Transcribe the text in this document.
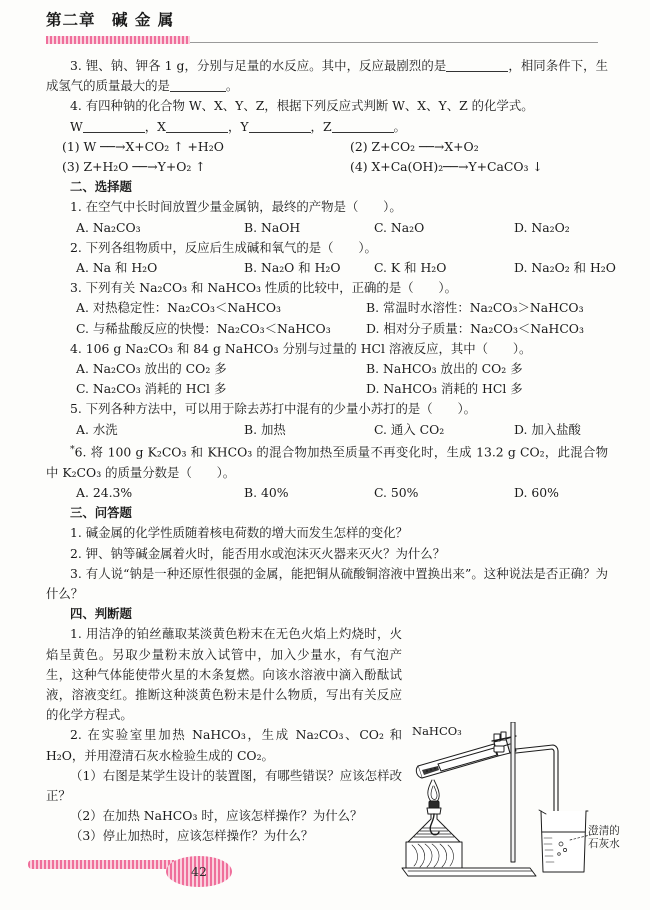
第二章　碱 金 属

3. 锂、钠、钾各 1 g，分别与足量的水反应。其中，反应最剧烈的是	，相同条件下，生成氢气的质量最大的是	。

4. 有四种钠的化合物 W、X、Y、Z，根据下列反应式判断 W、X、Y、Z 的化学式。

W	，X	，Y	，Z	。

(1) W ──→X+CO₂ ↑ +H₂O	(2) Z+CO₂ ──→X+O₂
(3) Z+H₂O ──→Y+O₂ ↑	(4) X+Ca(OH)₂──→Y+CaCO₃ ↓

二、选择题

1. 在空气中长时间放置少量金属钠，最终的产物是（　　）。

A. Na₂CO₃	B. NaOH	C. Na₂O	D. Na₂O₂

2. 下列各组物质中，反应后生成碱和氧气的是（　　）。

A. Na 和 H₂O	B. Na₂O 和 H₂O	C. K 和 H₂O	D. Na₂O₂ 和 H₂O

3. 下列有关 Na₂CO₃ 和 NaHCO₃ 性质的比较中，正确的是（　　）。

A. 对热稳定性：Na₂CO₃＜NaHCO₃	B. 常温时水溶性：Na₂CO₃＞NaHCO₃
C. 与稀盐酸反应的快慢：Na₂CO₃＜NaHCO₃	D. 相对分子质量：Na₂CO₃＜NaHCO₃

4. 106 g Na₂CO₃ 和 84 g NaHCO₃ 分别与过量的 HCl 溶液反应，其中（　　）。

A. Na₂CO₃ 放出的 CO₂ 多	B. NaHCO₃ 放出的 CO₂ 多
C. Na₂CO₃ 消耗的 HCl 多	D. NaHCO₃ 消耗的 HCl 多

5. 下列各种方法中，可以用于除去苏打中混有的少量小苏打的是（　　）。

A. 水洗	B. 加热	C. 通入 CO₂	D. 加入盐酸

*6. 将 100 g K₂CO₃ 和 KHCO₃ 的混合物加热至质量不再变化时，生成 13.2 g CO₂，此混合物中 K₂CO₃ 的质量分数是（　　）。

A. 24.3%	B. 40%	C. 50%	D. 60%

三、问答题

1. 碱金属的化学性质随着核电荷数的增大而发生怎样的变化？

2. 钾、钠等碱金属着火时，能否用水或泡沫灭火器来灭火？为什么？

3. 有人说“钠是一种还原性很强的金属，能把铜从硫酸铜溶液中置换出来”。这种说法是否正确？为什么？

四、判断题

1. 用洁净的铂丝蘸取某淡黄色粉末在无色火焰上灼烧时，火焰呈黄色。另取少量粉末放入试管中，加入少量水，有气泡产生，这种气体能使带火星的木条复燃。向该水溶液中滴入酚酞试液，溶液变红。推断这种淡黄色粉末是什么物质，写出有关反应的化学方程式。

2. 在实验室里加热 NaHCO₃，生成 Na₂CO₃、CO₂ 和 H₂O，并用澄清石灰水检验生成的 CO₂。

（1）右图是某学生设计的装置图，有哪些错误？应该怎样改正？

（2）在加热 NaHCO₃ 时，应该怎样操作？为什么？

（3）停止加热时，应该怎样操作？为什么？

NaHCO₃
澄清的
石灰水
42
